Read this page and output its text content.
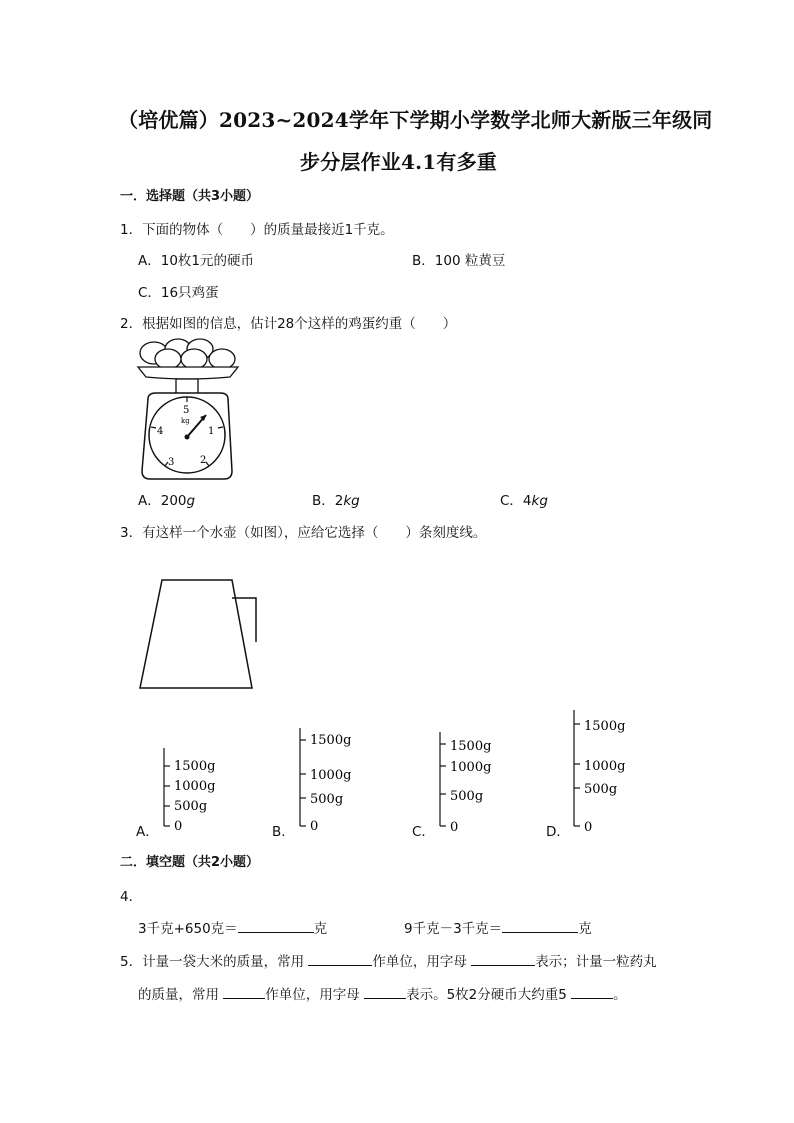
（培优篇）2023~2024学年下学期小学数学北师大新版三年级同
步分层作业4.1有多重
一．选择题（共3小题）
1．下面的物体（　　）的质量最接近1千克。
A．10枚1元的硬币	B．100 粒黄豆
C．16只鸡蛋
2．根据如图的信息，估计28个这样的鸡蛋约重（　　）
5
kg
1
2
3
4
A．200g	B．2kg	C．4kg
3．有这样一个水壶（如图），应给它选择（　　）条刻度线。
A．
1500g
1000g
500g
0	B．
1500g
1000g
500g
0	C．
1500g
1000g
500g
0	D．
1500g
1000g
500g
0
二．填空题（共2小题）
4．
3千克+650克＝	克	9千克－3千克＝	克
5．计量一袋大米的质量，常用	作单位，用字母	表示；计量一粒药丸
的质量，常用	作单位，用字母	表示。5枚2分硬币大约重5	。
